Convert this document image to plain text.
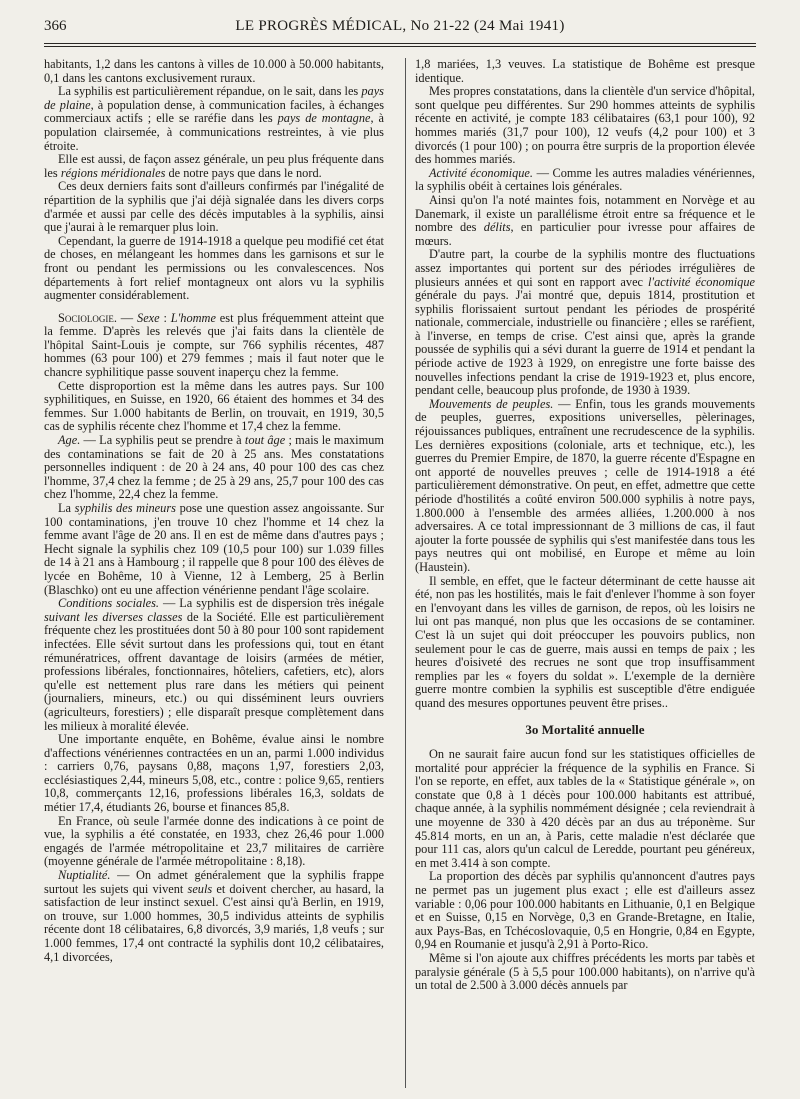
366	LE PROGRÈS MÉDICAL, No 21-22 (24 Mai 1941)

habitants, 1,2 dans les cantons à villes de 10.000 à 50.000 habitants, 0,1 dans les cantons exclusivement ruraux.

La syphilis est particulièrement répandue, on le sait, dans les pays de plaine, à population dense, à communication faciles, à échanges commerciaux actifs ; elle se raréfie dans les pays de montagne, à population clairsemée, à communications restreintes, à vie plus étroite.

Elle est aussi, de façon assez générale, un peu plus fréquente dans les régions méridionales de notre pays que dans le nord.

Ces deux derniers faits sont d'ailleurs confirmés par l'inégalité de répartition de la syphilis que j'ai déjà signalée dans les divers corps d'armée et aussi par celle des décès imputables à la syphilis, ainsi que j'aurai à le remarquer plus loin.

Cependant, la guerre de 1914-1918 a quelque peu modifié cet état de choses, en mélangeant les hommes dans les garnisons et sur le front ou pendant les permissions ou les convalescences. Nos départements à fort relief montagneux ont alors vu la syphilis augmenter considérablement.

Sociologie. — Sexe : L'homme est plus fréquemment atteint que la femme. D'après les relevés que j'ai faits dans la clientèle de l'hôpital Saint-Louis je compte, sur 766 syphilis récentes, 487 hommes (63 pour 100) et 279 femmes ; mais il faut noter que le chancre syphilitique passe souvent inaperçu chez la femme.

Cette disproportion est la même dans les autres pays. Sur 100 syphilitiques, en Suisse, en 1920, 66 étaient des hommes et 34 des femmes. Sur 1.000 habitants de Berlin, on trouvait, en 1919, 30,5 cas de syphilis récente chez l'homme et 17,4 chez la femme.

Age. — La syphilis peut se prendre à tout âge ; mais le maximum des contaminations se fait de 20 à 25 ans. Mes constatations personnelles indiquent : de 20 à 24 ans, 40 pour 100 des cas chez l'homme, 37,4 chez la femme ; de 25 à 29 ans, 25,7 pour 100 des cas chez l'homme, 22,4 chez la femme.

La syphilis des mineurs pose une question assez angoissante. Sur 100 contaminations, j'en trouve 10 chez l'homme et 14 chez la femme avant l'âge de 20 ans. Il en est de même dans d'autres pays ; Hecht signale la syphilis chez 109 (10,5 pour 100) sur 1.039 filles de 14 à 21 ans à Hambourg ; il rappelle que 8 pour 100 des élèves de lycée en Bohême, 10 à Vienne, 12 à Lemberg, 25 à Berlin (Blaschko) ont eu une affection vénérienne pendant l'âge scolaire.

Conditions sociales. — La syphilis est de dispersion très inégale suivant les diverses classes de la Société. Elle est particulièrement fréquente chez les prostituées dont 50 à 80 pour 100 sont rapidement infectées. Elle sévit surtout dans les professions qui, tout en étant rémunératrices, offrent davantage de loisirs (armées de métier, professions libérales, fonctionnaires, hôteliers, cafetiers, etc), alors qu'elle est nettement plus rare dans les métiers qui peinent (journaliers, mineurs, etc.) ou qui disséminent leurs ouvriers (agriculteurs, forestiers) ; elle disparaît presque complètement dans les milieux à moralité élevée.

Une importante enquête, en Bohême, évalue ainsi le nombre d'affections vénériennes contractées en un an, parmi 1.000 individus : carriers 0,76, paysans 0,88, maçons 1,97, forestiers 2,03, ecclésiastiques 2,44, mineurs 5,08, etc., contre : police 9,65, rentiers 10,8, commerçants 12,16, professions libérales 16,3, soldats de métier 17,4, étudiants 26, bourse et finances 85,8.

En France, où seule l'armée donne des indications à ce point de vue, la syphilis a été constatée, en 1933, chez 26,46 pour 1.000 engagés de l'armée métropolitaine et 23,7 militaires de carrière (moyenne générale de l'armée métropolitaine : 8,18).

Nuptialité. — On admet généralement que la syphilis frappe surtout les sujets qui vivent seuls et doivent chercher, au hasard, la satisfaction de leur instinct sexuel. C'est ainsi qu'à Berlin, en 1919, on trouve, sur 1.000 hommes, 30,5 individus atteints de syphilis récente dont 18 célibataires, 6,8 divorcés, 3,9 mariés, 1,8 veufs ; sur 1.000 femmes, 17,4 ont contracté la syphilis dont 10,2 célibataires, 4,1 divorcées,

1,8 mariées, 1,3 veuves. La statistique de Bohême est presque identique.

Mes propres constatations, dans la clientèle d'un service d'hôpital, sont quelque peu différentes. Sur 290 hommes atteints de syphilis récente en activité, je compte 183 célibataires (63,1 pour 100), 92 hommes mariés (31,7 pour 100), 12 veufs (4,2 pour 100) et 3 divorcés (1 pour 100) ; on pourra être surpris de la proportion élevée des hommes mariés.

Activité économique. — Comme les autres maladies vénériennes, la syphilis obéit à certaines lois générales.

Ainsi qu'on l'a noté maintes fois, notamment en Norvège et au Danemark, il existe un parallélisme étroit entre sa fréquence et le nombre des délits, en particulier pour ivresse pour affaires de mœurs.

D'autre part, la courbe de la syphilis montre des fluctuations assez importantes qui portent sur des périodes irrégulières de plusieurs années et qui sont en rapport avec l'activité économique générale du pays. J'ai montré que, depuis 1814, prostitution et syphilis florissaient surtout pendant les périodes de prospérité nationale, commerciale, industrielle ou financière ; elles se raréfient, à l'inverse, en temps de crise. C'est ainsi que, après la grande poussée de syphilis qui a sévi durant la guerre de 1914 et pendant la période active de 1923 à 1929, on enregistre une forte baisse des nouvelles infections pendant la crise de 1919-1923 et, plus encore, pendant celle, beaucoup plus profonde, de 1930 à 1939.

Mouvements de peuples. — Enfin, tous les grands mouvements de peuples, guerres, expositions universelles, pèlerinages, réjouissances publiques, entraînent une recrudescence de la syphilis. Les dernières expositions (coloniale, arts et technique, etc.), les guerres du Premier Empire, de 1870, la guerre récente d'Espagne en ont apporté de nouvelles preuves ; celle de 1914-1918 a été particulièrement démonstrative. On peut, en effet, admettre que cette période d'hostilités a coûté environ 500.000 syphilis à notre pays, 1.800.000 à l'ensemble des armées alliées, 1.200.000 à nos adversaires. A ce total impressionnant de 3 millions de cas, il faut ajouter la forte poussée de syphilis qui s'est manifestée dans tous les pays neutres qui ont mobilisé, en Europe et même au loin (Haustein).

Il semble, en effet, que le facteur déterminant de cette hausse ait été, non pas les hostilités, mais le fait d'enlever l'homme à son foyer en l'envoyant dans les villes de garnison, de repos, où les loisirs ne lui ont pas manqué, non plus que les occasions de se contaminer. C'est là un sujet qui doit préoccuper les pouvoirs publics, non seulement pour le cas de guerre, mais aussi en temps de paix ; les heures d'oisiveté des recrues ne sont que trop insuffisamment remplies par les « foyers du soldat ». L'exemple de la dernière guerre montre combien la syphilis est susceptible d'être endiguée quand des mesures opportunes peuvent être prises..

3o Mortalité annuelle

On ne saurait faire aucun fond sur les statistiques officielles de mortalité pour apprécier la fréquence de la syphilis en France. Si l'on se reporte, en effet, aux tables de la « Statistique générale », on constate que 0,8 à 1 décès pour 100.000 habitants est attribué, chaque année, à la syphilis nommément désignée ; cela reviendrait à une moyenne de 330 à 420 décès par an dus au tréponème. Sur 45.814 morts, en un an, à Paris, cette maladie n'est déclarée que pour 111 cas, alors qu'un calcul de Leredde, pourtant peu généreux, en met 3.414 à son compte.

La proportion des décès par syphilis qu'annoncent d'autres pays ne permet pas un jugement plus exact ; elle est d'ailleurs assez variable : 0,06 pour 100.000 habitants en Lithuanie, 0,1 en Belgique et en Suisse, 0,15 en Norvège, 0,3 en Grande-Bretagne, en Italie, aux Pays-Bas, en Tchécoslovaquie, 0,5 en Hongrie, 0,84 en Egypte, 0,94 en Roumanie et jusqu'à 2,91 à Porto-Rico.

Même si l'on ajoute aux chiffres précédents les morts par tabès et paralysie générale (5 à 5,5 pour 100.000 habitants), on n'arrive qu'à un total de 2.500 à 3.000 décès annuels par
